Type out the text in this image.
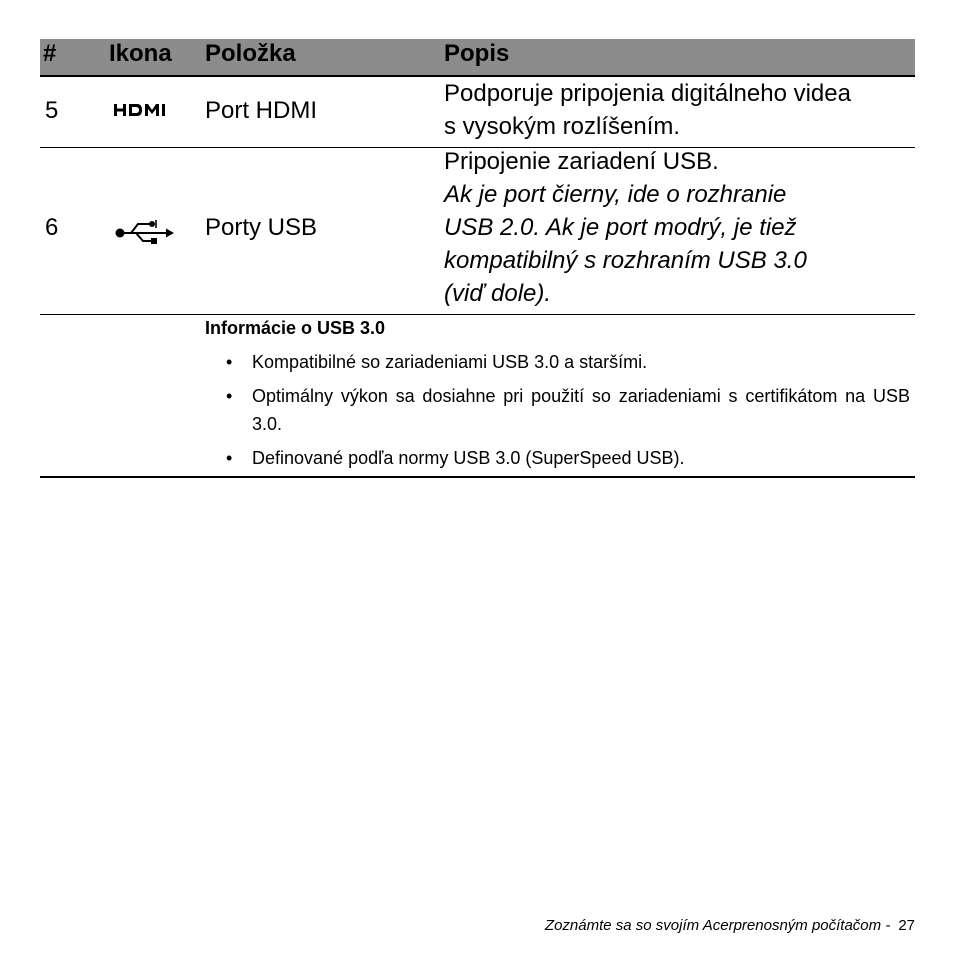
# Ikona Položka	Popis
5	Port HDMI
Podporuje pripojenia digitálneho videa
s vysokým rozlíšením.
6	Porty USB
Pripojenie zariadení USB.
Ak je port čierny, ide o rozhranie
USB 2.0. Ak je port modrý, je tiež
kompatibilný s rozhraním USB 3.0
(viď dole).
Informácie o USB 3.0
• Kompatibilné so zariadeniami USB 3.0 a staršími.
• Optimálny výkon sa dosiahne pri použití so zariadeniami s certifikátom na USB 3.0.
• Definované podľa normy USB 3.0 (SuperSpeed USB).
Zoznámte sa so svojím Acerprenosným počítačom - 27
